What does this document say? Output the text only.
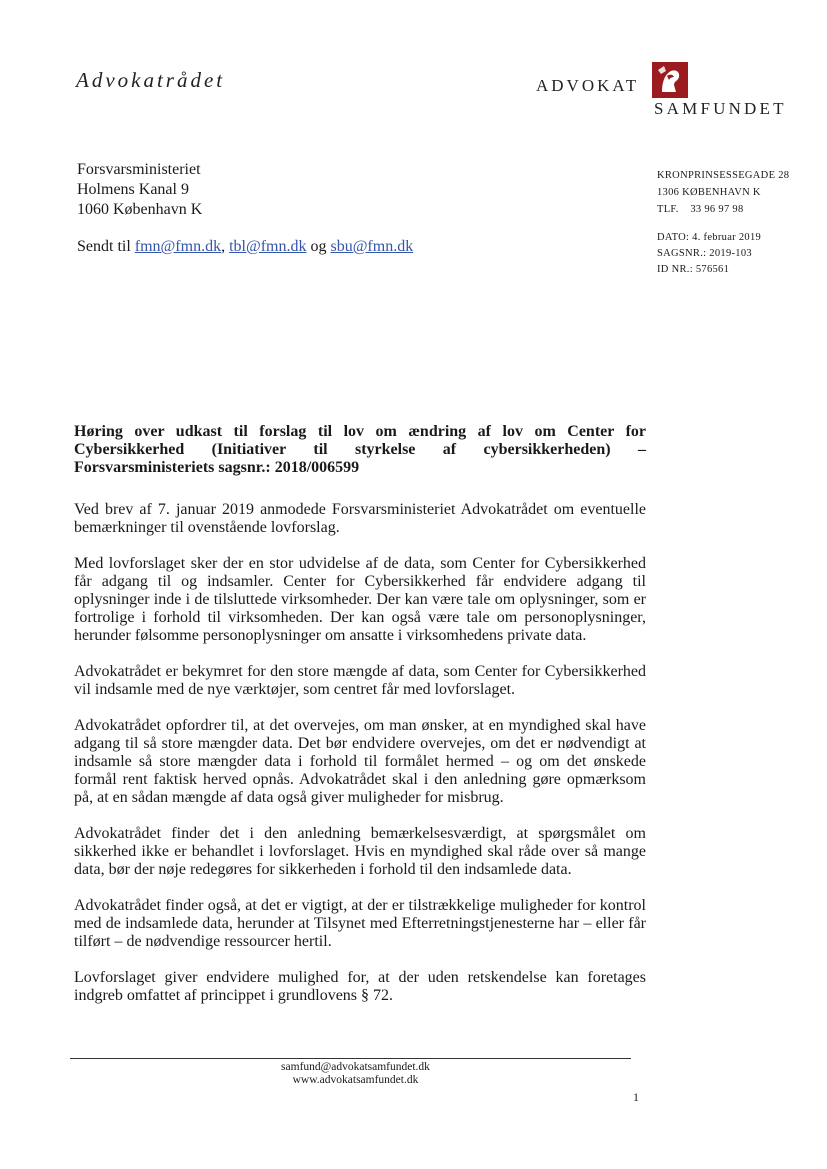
Advokatrådet	ADVOKAT
SAMFUNDET
Forsvarsministeriet
Holmens Kanal 9
1060 København K
Sendt til fmn@fmn.dk, tbl@fmn.dk og sbu@fmn.dk
KRONPRINSESSEGADE 28
1306 KØBENHAVN K
TLF.    33 96 97 98
DATO: 4. februar 2019
SAGSNR.: 2019-103
ID NR.: 576561

Høring over udkast til forslag til lov om ændring af lov om Center for Cybersikkerhed (Initiativer til styrkelse af cybersikkerheden) – Forsvarsministeriets sagsnr.: 2018/006599

Ved brev af 7. januar 2019 anmodede Forsvarsministeriet Advokatrådet om eventuelle bemærkninger til ovenstående lovforslag.

Med lovforslaget sker der en stor udvidelse af de data, som Center for Cybersikkerhed får adgang til og indsamler. Center for Cybersikkerhed får endvidere adgang til oplysninger inde i de tilsluttede virksomheder. Der kan være tale om oplysninger, som er fortrolige i forhold til virksomheden. Der kan også være tale om personoplysninger, herunder følsomme personoplysninger om ansatte i virksomhedens private data.

Advokatrådet er bekymret for den store mængde af data, som Center for Cybersikkerhed vil indsamle med de nye værktøjer, som centret får med lovforslaget.

Advokatrådet opfordrer til, at det overvejes, om man ønsker, at en myndighed skal have adgang til så store mængder data. Det bør endvidere overvejes, om det er nødvendigt at indsamle så store mængder data i forhold til formålet hermed – og om det ønskede formål rent faktisk herved opnås. Advokatrådet skal i den anledning gøre opmærksom på, at en sådan mængde af data også giver muligheder for misbrug.

Advokatrådet finder det i den anledning bemærkelsesværdigt, at spørgsmålet om sikkerhed ikke er behandlet i lovforslaget. Hvis en myndighed skal råde over så mange data, bør der nøje redegøres for sikkerheden i forhold til den indsamlede data.

Advokatrådet finder også, at det er vigtigt, at der er tilstrækkelige muligheder for kontrol med de indsamlede data, herunder at Tilsynet med Efterretningstjenesterne har – eller får tilført – de nødvendige ressourcer hertil.

Lovforslaget giver endvidere mulighed for, at der uden retskendelse kan foretages indgreb omfattet af princippet i grundlovens § 72.

samfund@advokatsamfundet.dk
www.advokatsamfundet.dk
1
